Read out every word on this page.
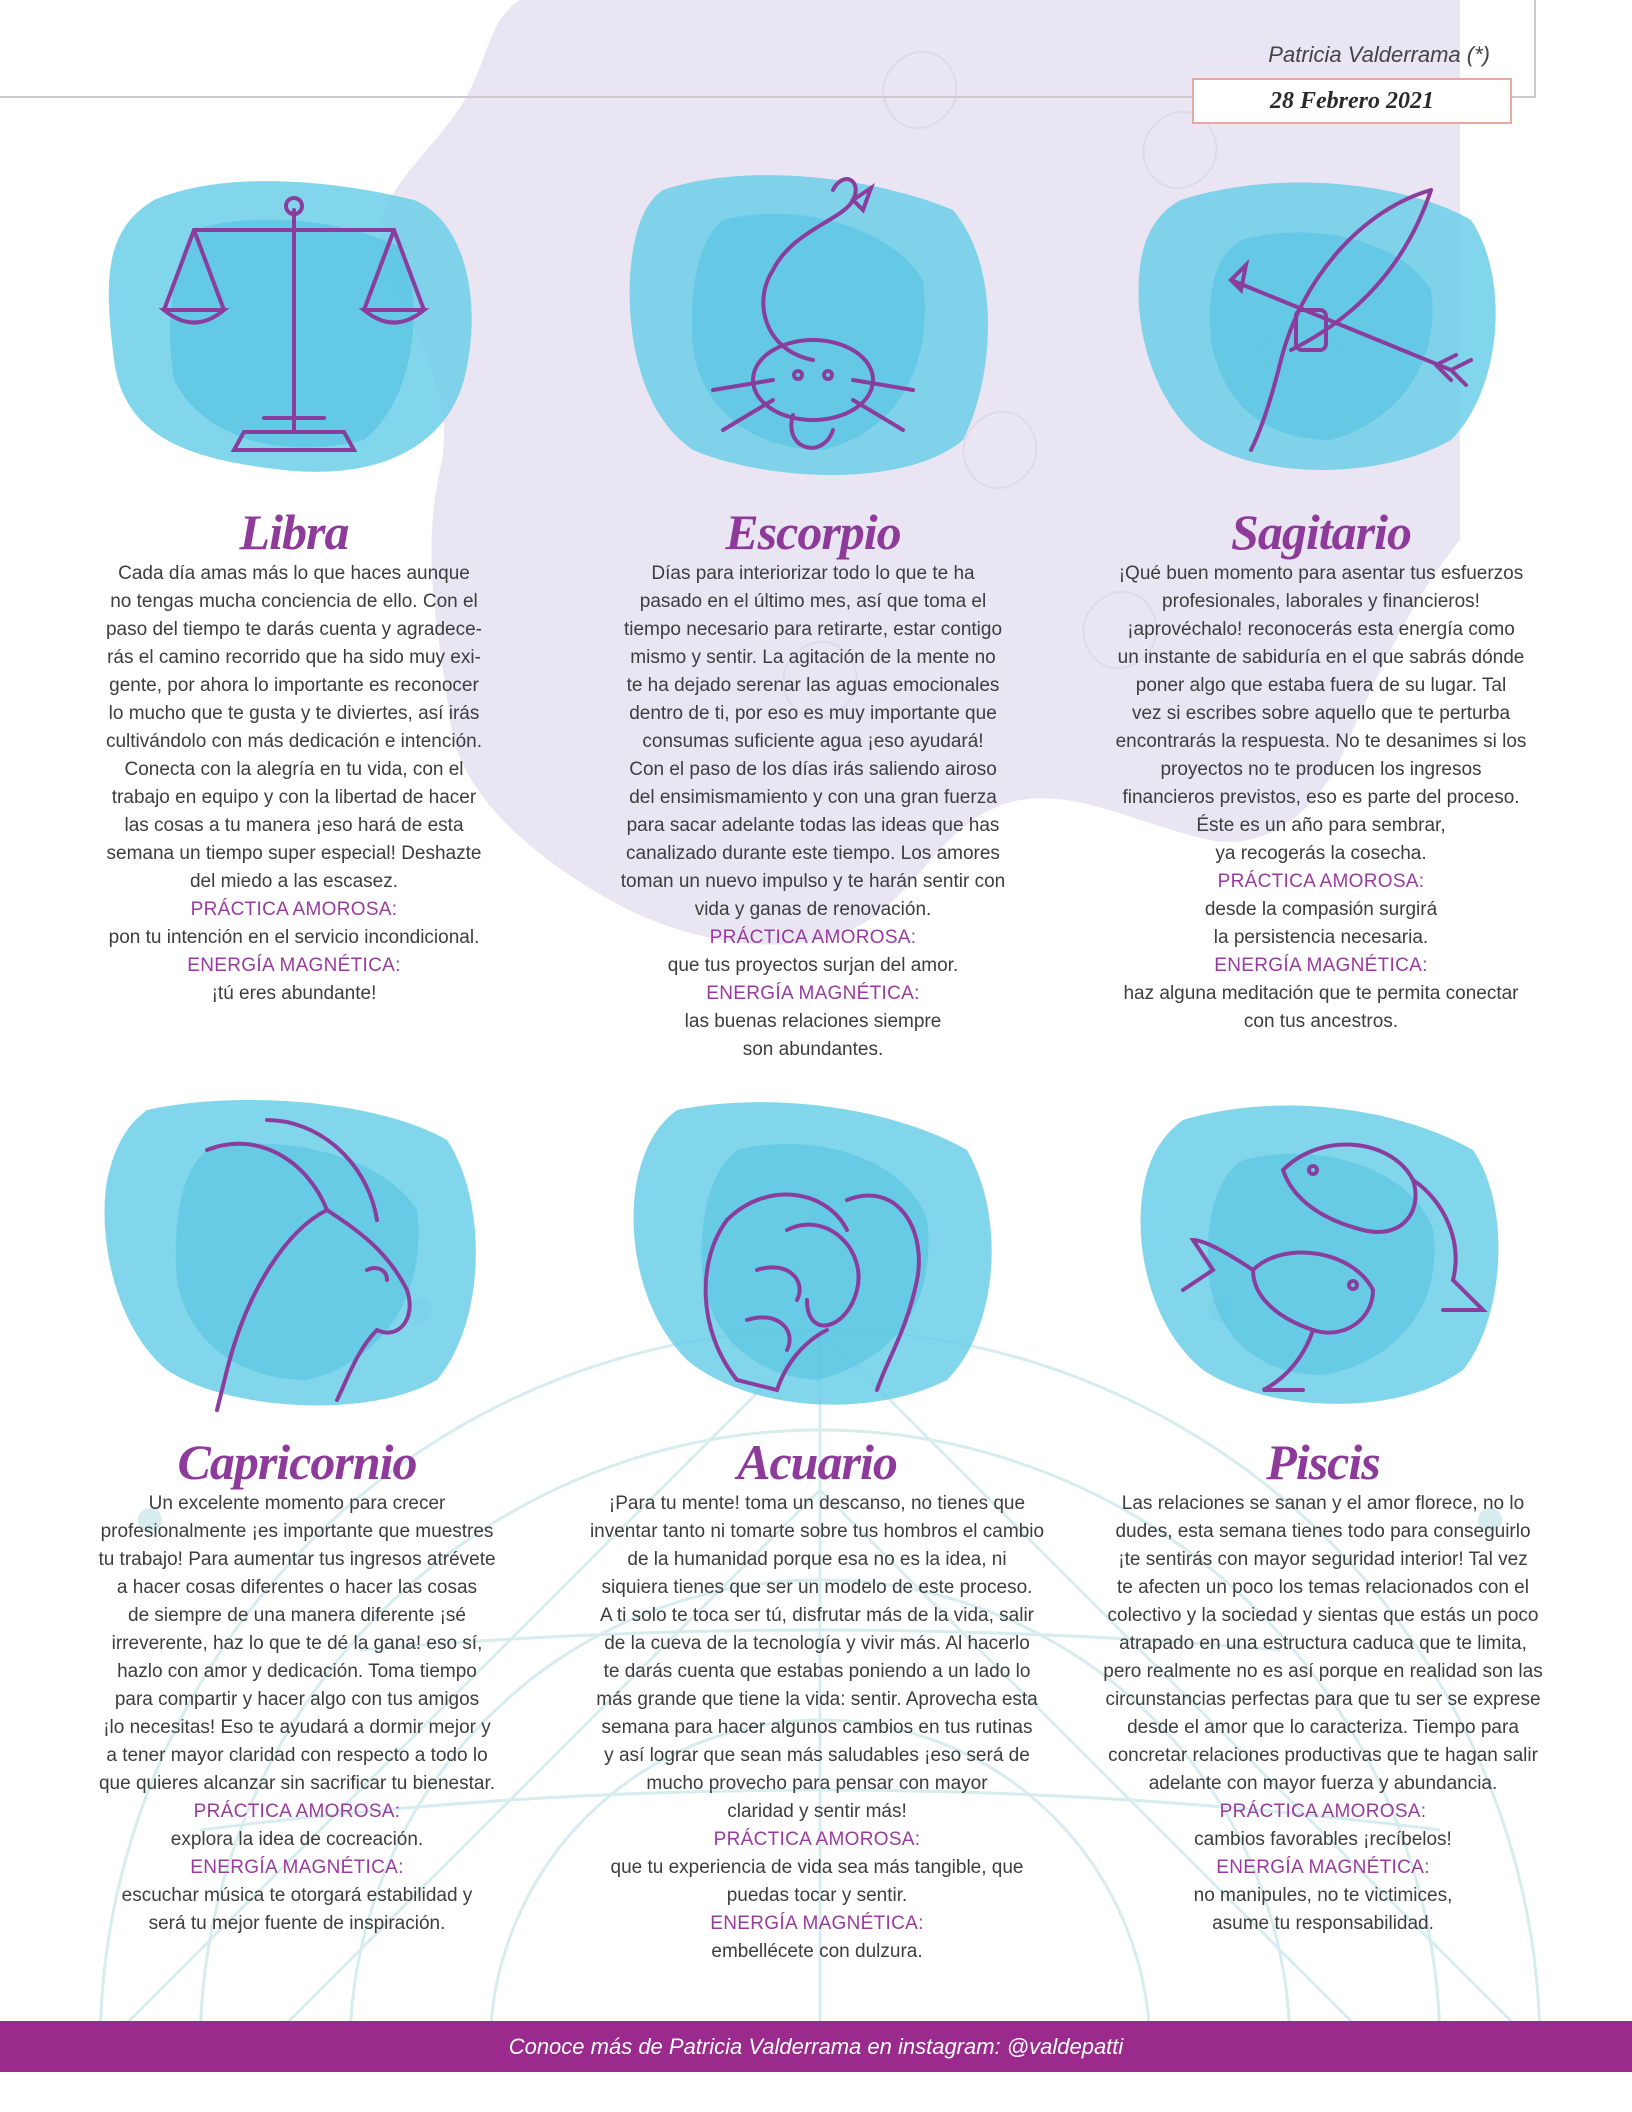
Patricia Valderrama (*)
28 Febrero 2021
Libra

Cada día amas más lo que haces aunque

no tengas mucha conciencia de ello. Con el

paso del tiempo te darás cuenta y agradece-

rás el camino recorrido que ha sido muy exi-

gente, por ahora lo importante es reconocer

lo mucho que te gusta y te diviertes, así irás

cultivándolo con más dedicación e intención.

Conecta con la alegría en tu vida, con el

trabajo en equipo y con la libertad de hacer

las cosas a tu manera ¡eso hará de esta

semana un tiempo super especial! Deshazte

del miedo a las escasez.

PRÁCTICA AMOROSA:

pon tu intención en el servicio incondicional.

ENERGÍA MAGNÉTICA:

¡tú eres abundante!

Escorpio

Días para interiorizar todo lo que te ha

pasado en el último mes, así que toma el

tiempo necesario para retirarte, estar contigo

mismo y sentir. La agitación de la mente no

te ha dejado serenar las aguas emocionales

dentro de ti, por eso es muy importante que

consumas suficiente agua ¡eso ayudará!

Con el paso de los días irás saliendo airoso

del ensimismamiento y con una gran fuerza

para sacar adelante todas las ideas que has

canalizado durante este tiempo. Los amores

toman un nuevo impulso y te harán sentir con

vida y ganas de renovación.

PRÁCTICA AMOROSA:

que tus proyectos surjan del amor.

ENERGÍA MAGNÉTICA:

las buenas relaciones siempre

son abundantes.

Sagitario

¡Qué buen momento para asentar tus esfuerzos

profesionales, laborales y financieros!

¡aprovéchalo! reconocerás esta energía como

un instante de sabiduría en el que sabrás dónde

poner algo que estaba fuera de su lugar. Tal

vez si escribes sobre aquello que te perturba

encontrarás la respuesta. No te desanimes si los

proyectos no te producen los ingresos

financieros previstos, eso es parte del proceso.

Éste es un año para sembrar,

ya recogerás la cosecha.

PRÁCTICA AMOROSA:

desde la compasión surgirá

la persistencia necesaria.

ENERGÍA MAGNÉTICA:

haz alguna meditación que te permita conectar

con tus ancestros.

Capricornio

Un excelente momento para crecer

profesionalmente ¡es importante que muestres

tu trabajo! Para aumentar tus ingresos atrévete

a hacer cosas diferentes o hacer las cosas

de siempre de una manera diferente ¡sé

irreverente, haz lo que te dé la gana! eso sí,

hazlo con amor y dedicación. Toma tiempo

para compartir y hacer algo con tus amigos

¡lo necesitas! Eso te ayudará a dormir mejor y

a tener mayor claridad con respecto a todo lo

que quieres alcanzar sin sacrificar tu bienestar.

PRÁCTICA AMOROSA:

explora la idea de cocreación.

ENERGÍA MAGNÉTICA:

escuchar música te otorgará estabilidad y

será tu mejor fuente de inspiración.

Acuario

¡Para tu mente! toma un descanso, no tienes que

inventar tanto ni tomarte sobre tus hombros el cambio

de la humanidad porque esa no es la idea, ni

siquiera tienes que ser un modelo de este proceso.

A ti solo te toca ser tú, disfrutar más de la vida, salir

de la cueva de la tecnología y vivir más. Al hacerlo

te darás cuenta que estabas poniendo a un lado lo

más grande que tiene la vida: sentir. Aprovecha esta

semana para hacer algunos cambios en tus rutinas

y así lograr que sean más saludables ¡eso será de

mucho provecho para pensar con mayor

claridad y sentir más!

PRÁCTICA AMOROSA:

que tu experiencia de vida sea más tangible, que

puedas tocar y sentir.

ENERGÍA MAGNÉTICA:

embellécete con dulzura.

Piscis

Las relaciones se sanan y el amor florece, no lo

dudes, esta semana tienes todo para conseguirlo

¡te sentirás con mayor seguridad interior! Tal vez

te afecten un poco los temas relacionados con el

colectivo y la sociedad y sientas que estás un poco

atrapado en una estructura caduca que te limita,

pero realmente no es así porque en realidad son las

circunstancias perfectas para que tu ser se exprese

desde el amor que lo caracteriza. Tiempo para

concretar relaciones productivas que te hagan salir

adelante con mayor fuerza y abundancia.

PRÁCTICA AMOROSA:

cambios favorables ¡recíbelos!

ENERGÍA MAGNÉTICA:

no manipules, no te victimices,

asume tu responsabilidad.

Conoce más de Patricia Valderrama en instagram: @valdepatti
